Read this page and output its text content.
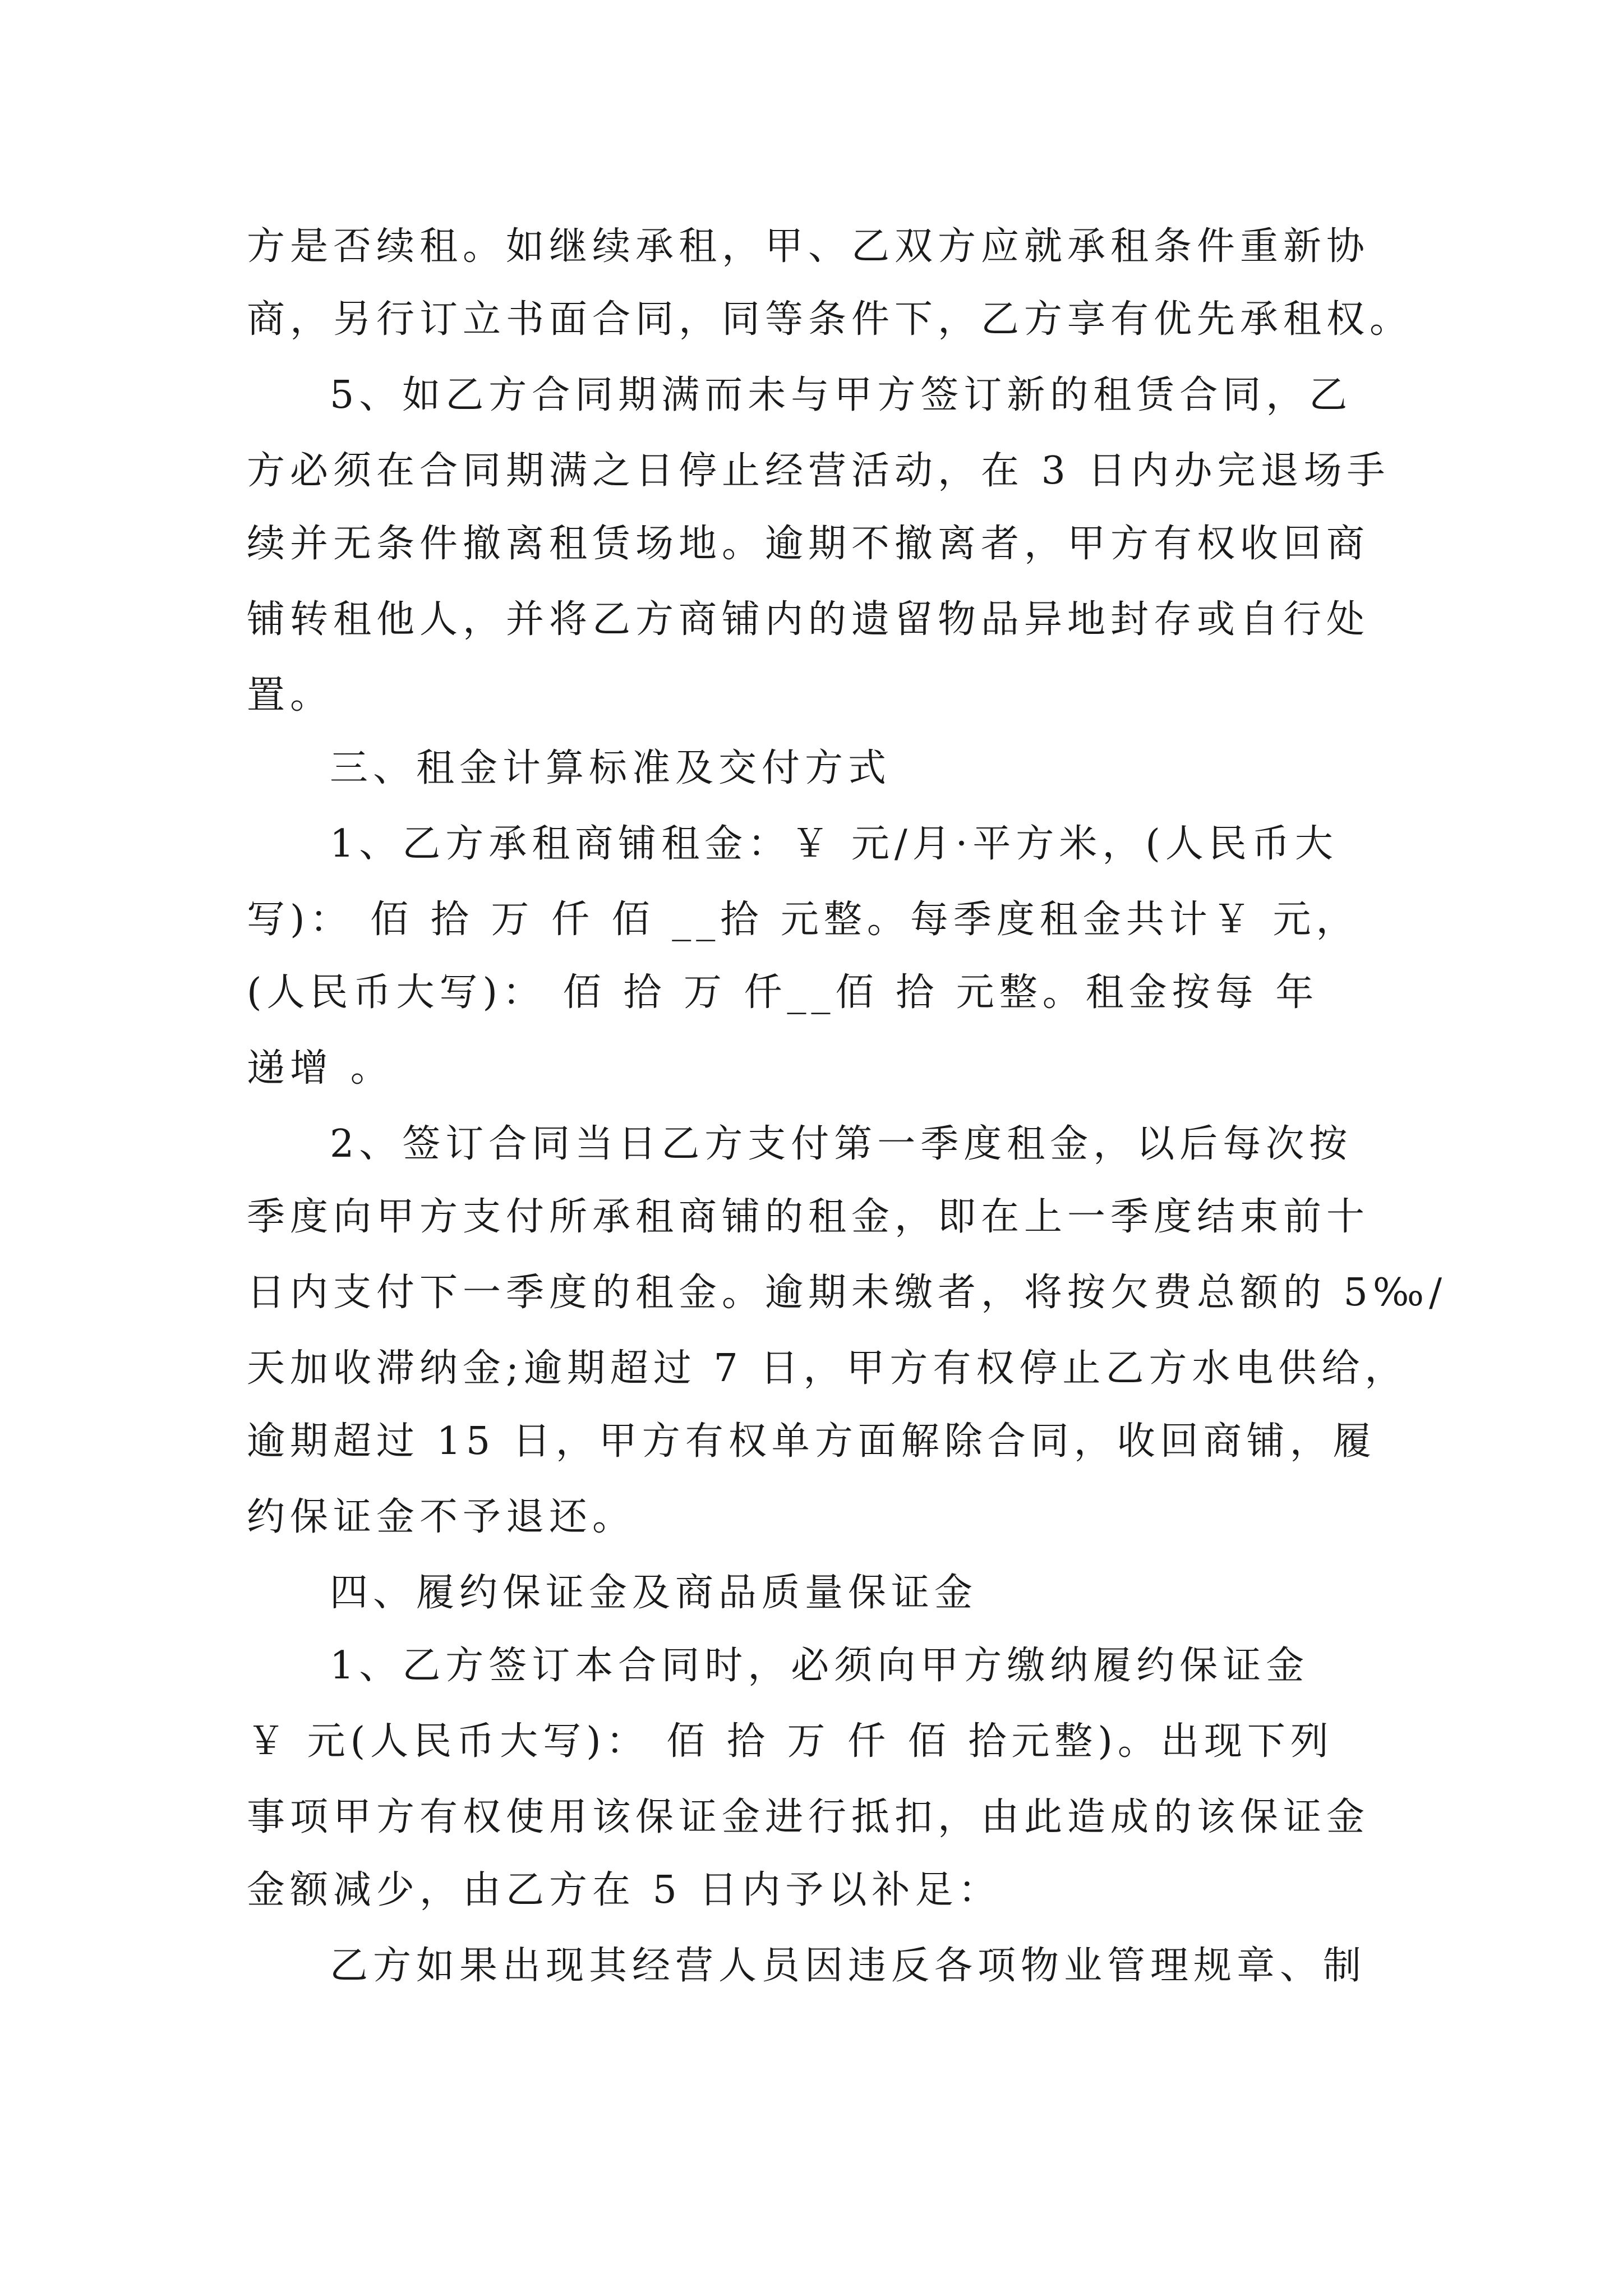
方是否续租。如继续承租，甲、乙双方应就承租条件重新协

商，另行订立书面合同，同等条件下，乙方享有优先承租权。

5、如乙方合同期满而未与甲方签订新的租赁合同，乙

方必须在合同期满之日停止经营活动，在 3 日内办完退场手

续并无条件撤离租赁场地。逾期不撤离者，甲方有权收回商

铺转租他人，并将乙方商铺内的遗留物品异地封存或自行处

置。

三、租金计算标准及交付方式

1、乙方承租商铺租金：￥ 元/月·平方米，(人民币大

写)： 佰 拾 万 仟 佰 __拾 元整。每季度租金共计￥ 元，

(人民币大写)： 佰 拾 万 仟__佰 拾 元整。租金按每 年

递增 。

2、签订合同当日乙方支付第一季度租金，以后每次按

季度向甲方支付所承租商铺的租金，即在上一季度结束前十

日内支付下一季度的租金。逾期未缴者，将按欠费总额的 5‰/

天加收滞纳金;逾期超过 7 日，甲方有权停止乙方水电供给，

逾期超过 15 日，甲方有权单方面解除合同，收回商铺，履

约保证金不予退还。

四、履约保证金及商品质量保证金

1、乙方签订本合同时，必须向甲方缴纳履约保证金

￥ 元(人民币大写)： 佰 拾 万 仟 佰 拾元整)。出现下列

事项甲方有权使用该保证金进行抵扣，由此造成的该保证金

金额减少，由乙方在 5 日内予以补足：

乙方如果出现其经营人员因违反各项物业管理规章、制
